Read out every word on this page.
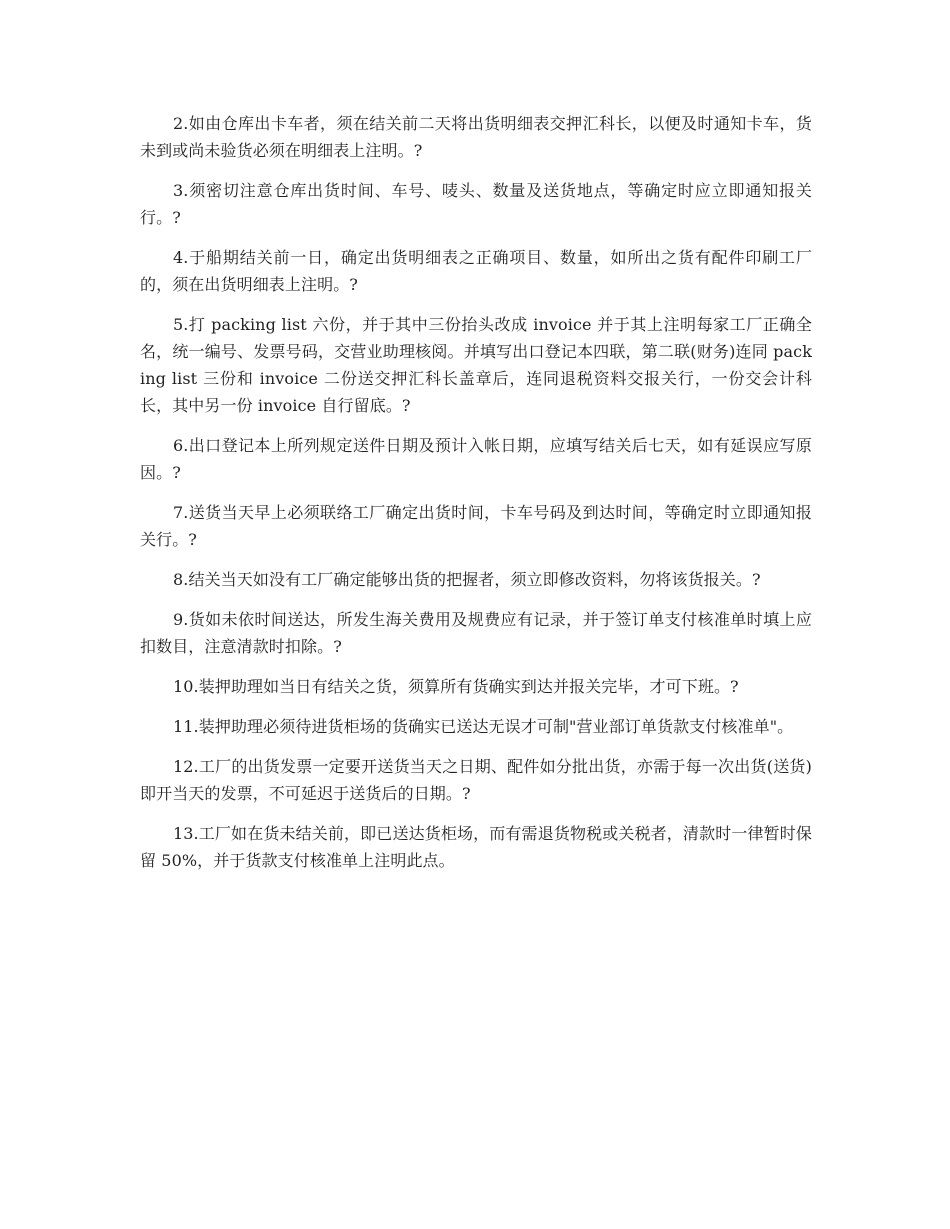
2.如由仓库出卡车者，须在结关前二天将出货明细表交押汇科长，以便及时通知卡车，货未到或尚未验货必须在明细表上注明。?

3.须密切注意仓库出货时间、车号、唛头、数量及送货地点，等确定时应立即通知报关行。?

4.于船期结关前一日，确定出货明细表之正确项目、数量，如所出之货有配件印刷工厂的，须在出货明细表上注明。?

5.打 packing list 六份，并于其中三份抬头改成 invoice 并于其上注明每家工厂正确全名，统一编号、发票号码，交营业助理核阅。并填写出口登记本四联，第二联(财务)连同 packing list 三份和 invoice 二份送交押汇科长盖章后，连同退税资料交报关行，一份交会计科长，其中另一份 invoice 自行留底。?

6.出口登记本上所列规定送件日期及预计入帐日期，应填写结关后七天，如有延误应写原因。?

7.送货当天早上必须联络工厂确定出货时间，卡车号码及到达时间，等确定时立即通知报关行。?

8.结关当天如没有工厂确定能够出货的把握者，须立即修改资料，勿将该货报关。?

9.货如未依时间送达，所发生海关费用及规费应有记录，并于签订单支付核准单时填上应扣数目，注意清款时扣除。?

10.装押助理如当日有结关之货，须算所有货确实到达并报关完毕，才可下班。?

11.装押助理必须待进货柜场的货确实已送达无误才可制"营业部订单货款支付核准单"。

12.工厂的出货发票一定要开送货当天之日期、配件如分批出货，亦需于每一次出货(送货)即开当天的发票，不可延迟于送货后的日期。?

13.工厂如在货未结关前，即已送达货柜场，而有需退货物税或关税者，清款时一律暂时保留 50%，并于货款支付核准单上注明此点。
